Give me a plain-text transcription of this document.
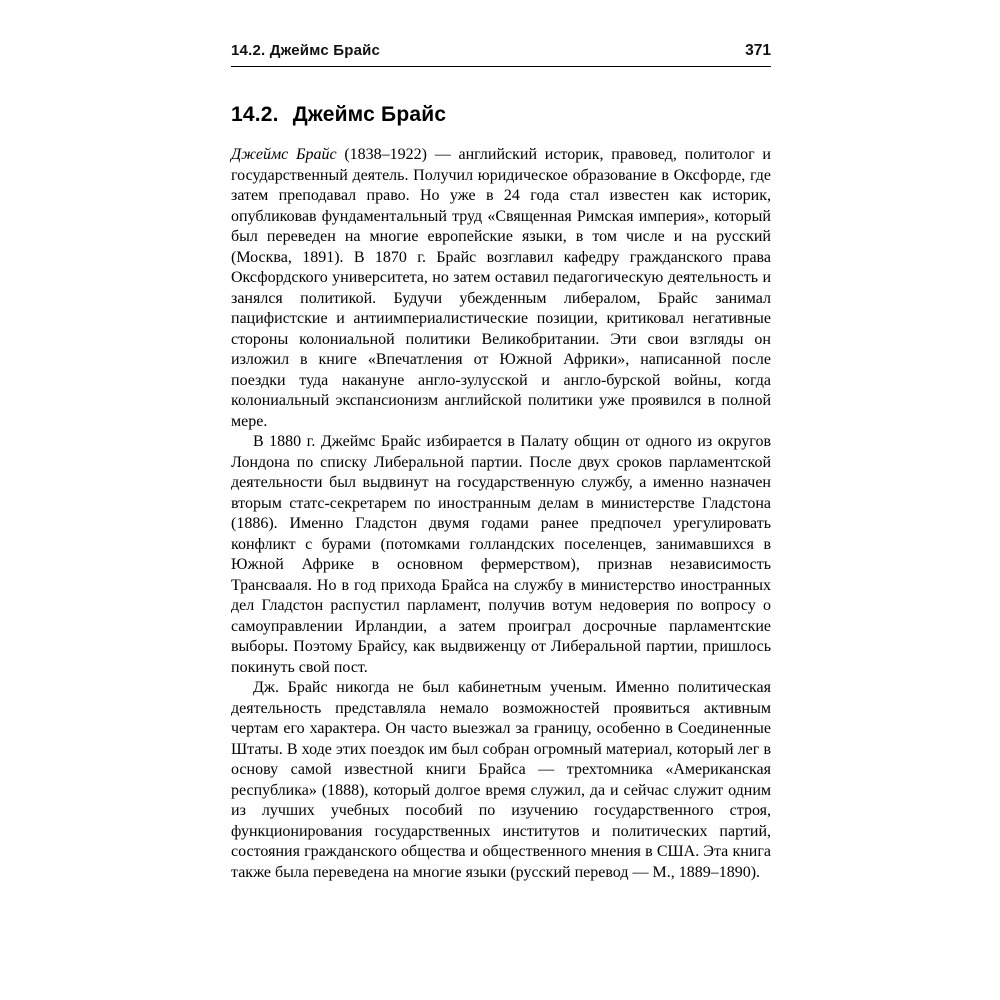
14.2. Джеймс Брайс	371
14.2. Джеймс Брайс

Джеймс Брайс (1838–1922) — английский историк, правовед, политолог и государственный деятель. Получил юридическое образование в Оксфорде, где затем преподавал право. Но уже в 24 года стал известен как историк, опубликовав фундаментальный труд «Священная Римская империя», который был переведен на многие европейские языки, в том числе и на русский (Москва, 1891). В 1870 г. Брайс возглавил кафедру гражданского права Оксфордского университета, но затем оставил педагогическую деятельность и занялся политикой. Будучи убежденным либералом, Брайс занимал пацифистские и антиимпериалистические позиции, критиковал негативные стороны колониальной политики Великобритании. Эти свои взгляды он изложил в книге «Впечатления от Южной Африки», написанной после поездки туда накануне англо-зулусской и англо-бурской войны, когда колониальный экспансионизм английской политики уже проявился в полной мере.

В 1880 г. Джеймс Брайс избирается в Палату общин от одного из округов Лондона по списку Либеральной партии. После двух сроков парламентской деятельности был выдвинут на государственную службу, а именно назначен вторым статс-секретарем по иностранным делам в министерстве Гладстона (1886). Именно Гладстон двумя годами ранее предпочел урегулировать конфликт с бурами (потомками голландских поселенцев, занимавшихся в Южной Африке в основном фермерством), признав независимость Трансвааля. Но в год прихода Брайса на службу в министерство иностранных дел Гладстон распустил парламент, получив вотум недоверия по вопросу о самоуправлении Ирландии, а затем проиграл досрочные парламентские выборы. Поэтому Брайсу, как выдвиженцу от Либеральной партии, пришлось покинуть свой пост.

Дж. Брайс никогда не был кабинетным ученым. Именно политическая деятельность представляла немало возможностей проявиться активным чертам его характера. Он часто выезжал за границу, особенно в Соединенные Штаты. В ходе этих поездок им был собран огромный материал, который лег в основу самой известной книги Брайса — трехтомника «Американская республика» (1888), который долгое время служил, да и сейчас служит одним из лучших учебных пособий по изучению государственного строя, функционирования государственных институтов и политических партий, состояния гражданского общества и общественного мнения в США. Эта книга также была переведена на многие языки (русский перевод — М., 1889–1890).
